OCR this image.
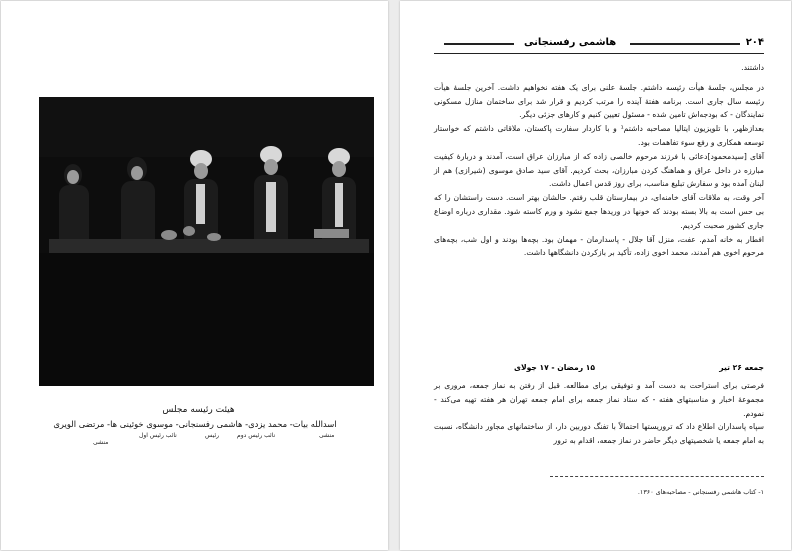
هیئت رئیسه مجلس
اسدالله بیات- محمد یزدی- هاشمی رفسنجانی- موسوی خوئینی ها- مرتضی الویری
منشی
نائب رئیس دوم
رئیس
نائب رئیس اول
منشی
هاشمی رفسنجانی	۲۰۴

داشتند.

در مجلس، جلسهٔ هیأت رئیسه داشتم. جلسهٔ علنی برای یک هفته نخواهیم داشت. آخرین جلسهٔ هیأت رئیسه سال جاری است. برنامه هفتهٔ آینده را مرتب کردیم و قرار شد برای ساختمان منازل مسکونی نمایندگان - که بودجه‌اش تامین شده - مسئول تعیین کنیم و کارهای جزئی دیگر.

بعدازظهر، با تلویزیون ایتالیا مصاحبه داشتم¹ و با کاردار سفارت پاکستان، ملاقاتی داشتم که خواستار توسعه همکاری و رفع سوء تفاهمات بود.

آقای [سیدمحمود]دعائی با فرزند مرحوم خالصی زاده که از مبارزان عراق است، آمدند و دربارهٔ کیفیت مبارزه در داخل عراق و هماهنگ کردن مبارزان، بحث کردیم. آقای سید صادق موسوی (شیرازی) هم از لبنان آمده بود و سفارش تبلیغ مناسب، برای روز قدس اعمال داشت.

آخر وقت، به ملاقات آقای خامنه‌ای، در بیمارستان قلب رفتم. حالشان بهتر است. دست راستشان را که بی حس است به بالا بسته بودند که خونها در وریدها جمع نشود و ورم کاسته شود. مقداری درباره اوضاع جاری کشور صحبت کردیم.

افطار به خانه آمدم. عفت، منزل آقا جلال - پاسدارمان - مهمان بود. بچه‌ها بودند و اول شب، بچه‌های مرحوم اخوی هم آمدند، محمد اخوی زاده، تأکید بر بازکردن دانشگاهها داشت.

جمعه ۲۶ تیر
۱۵ رمضان - ۱۷ جولای

فرصتی برای استراحت به دست آمد و توفیقی برای مطالعه. قبل از رفتن به نماز جمعه، مروری بر مجموعهٔ اخبار و مناسبتهای هفته - که ستاد نماز جمعه برای امام جمعه تهران هر هفته تهیه می‌کند - نمودم.

سپاه پاسداران اطلاع داد که تروریستها احتمالاً با تفنگ دوربین دار، از ساختمانهای مجاور دانشگاه، نسبت به امام جمعه یا شخصیتهای دیگر حاضر در نماز جمعه، اقدام به ترور

۱- کتاب هاشمی رفسنجانی - مصاحبه‌های ۱۳۶۰.
